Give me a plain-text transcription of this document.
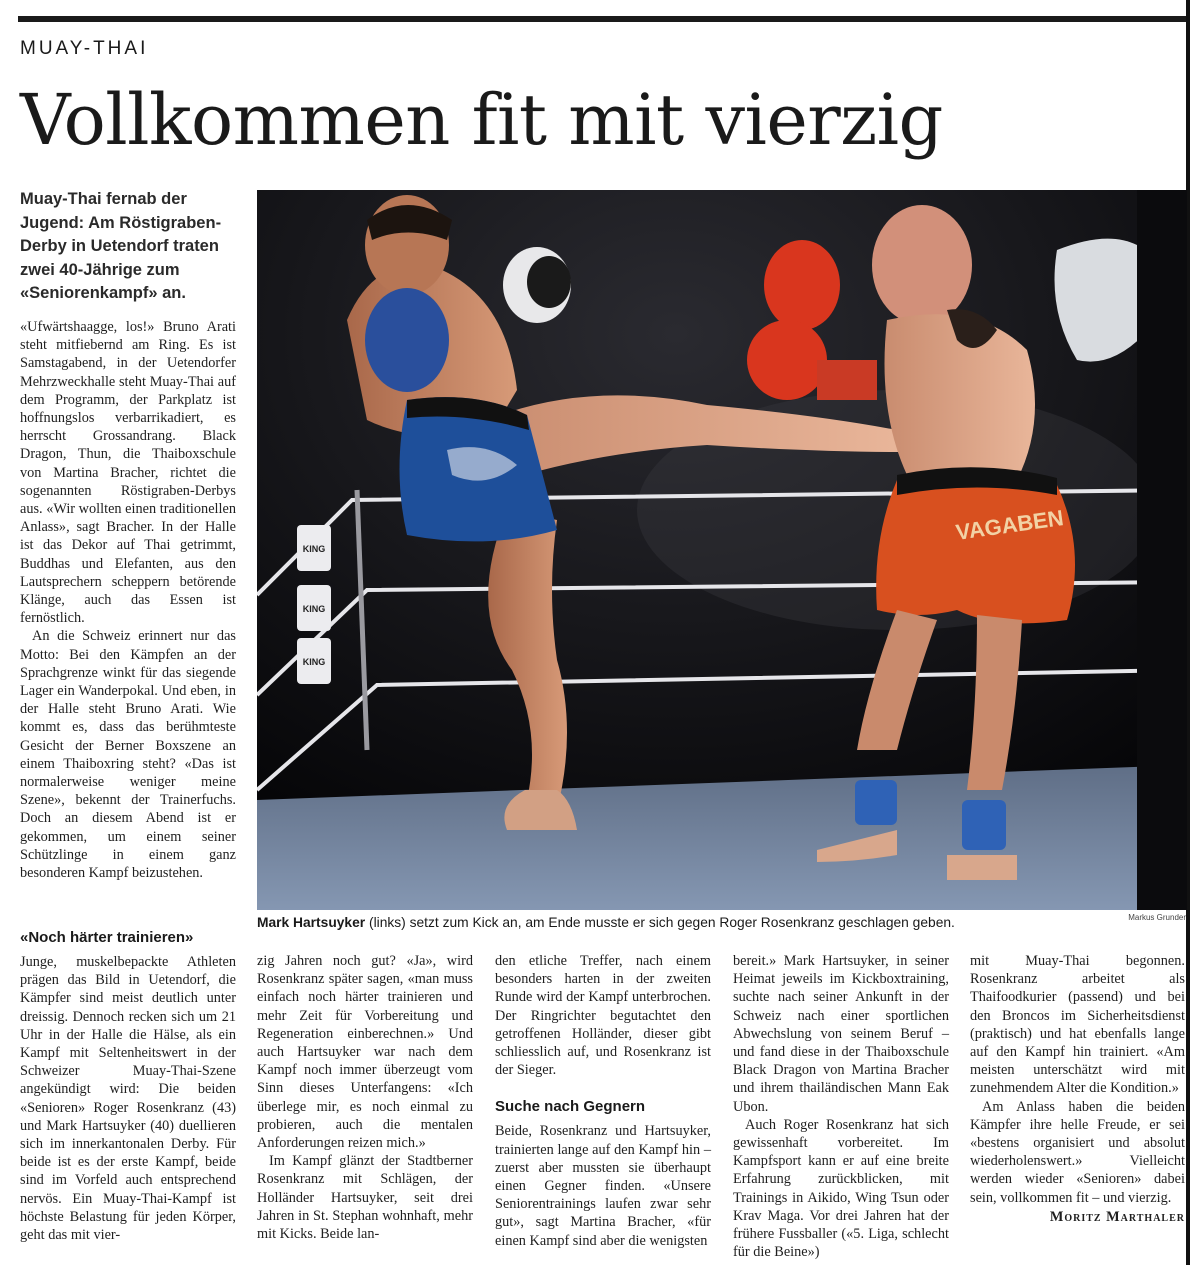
MUAY-THAI
Vollkommen fit mit vierzig
Muay-Thai fernab der Jugend: Am Röstigraben-Derby in Uetendorf traten zwei 40-Jährige zum «Seniorenkampf» an.

«Ufwärtshaagge, los!» Bruno Arati steht mitfiebernd am Ring. Es ist Samstagabend, in der Uetendorfer Mehrzweckhalle steht Muay-Thai auf dem Programm, der Parkplatz ist hoffnungslos verbarrikadiert, es herrscht Grossandrang. Black Dragon, Thun, die Thaiboxschule von Martina Bracher, richtet die sogenannten Röstigraben-Derbys aus. «Wir wollten einen traditionellen Anlass», sagt Bracher. In der Halle ist das Dekor auf Thai getrimmt, Buddhas und Elefanten, aus den Lautsprechern scheppern betörende Klänge, auch das Essen ist fernöstlich.

An die Schweiz erinnert nur das Motto: Bei den Kämpfen an der Sprachgrenze winkt für das siegende Lager ein Wanderpokal. Und eben, in der Halle steht Bruno Arati. Wie kommt es, dass das berühmteste Gesicht der Berner Boxszene an einem Thaiboxring steht? «Das ist normalerweise weniger meine Szene», bekennt der Trainerfuchs. Doch an diesem Abend ist er gekommen, um einem seiner Schützlinge in einem ganz besonderen Kampf beizustehen.

«Noch härter trainieren»

Junge, muskelbepackte Athleten prägen das Bild in Uetendorf, die Kämpfer sind meist deutlich unter dreissig. Dennoch recken sich um 21 Uhr in der Halle die Hälse, als ein Kampf mit Seltenheitswert in der Schweizer Muay-Thai-Szene angekündigt wird: Die beiden «Senioren» Roger Rosenkranz (43) und Mark Hartsuyker (40) duellieren sich im innerkantonalen Derby. Für beide ist es der erste Kampf, beide sind im Vorfeld auch entsprechend nervös. Ein Muay-Thai-Kampf ist höchste Belastung für jeden Körper, geht das mit vier-

KING
KING
KING
VAGABEN
Mark Hartsuyker (links) setzt zum Kick an, am Ende musste er sich gegen Roger Rosenkranz geschlagen geben.	Markus Grunder

zig Jahren noch gut? «Ja», wird Rosenkranz später sagen, «man muss einfach noch härter trainieren und mehr Zeit für Vorbereitung und Regeneration einberechnen.» Und auch Hartsuyker war nach dem Kampf noch immer überzeugt vom Sinn dieses Unterfangens: «Ich überlege mir, es noch einmal zu probieren, auch die mentalen Anforderungen reizen mich.»

Im Kampf glänzt der Stadtberner Rosenkranz mit Schlägen, der Holländer Hartsuyker, seit drei Jahren in St. Stephan wohnhaft, mehr mit Kicks. Beide lan-

den etliche Treffer, nach einem besonders harten in der zweiten Runde wird der Kampf unterbrochen. Der Ringrichter begutachtet den getroffenen Holländer, dieser gibt schliesslich auf, und Rosenkranz ist der Sieger.

Suche nach Gegnern

Beide, Rosenkranz und Hartsuyker, trainierten lange auf den Kampf hin – zuerst aber mussten sie überhaupt einen Gegner finden. «Unsere Seniorentrainings laufen zwar sehr gut», sagt Martina Bracher, «für einen Kampf sind aber die wenigsten

bereit.» Mark Hartsuyker, in seiner Heimat jeweils im Kickboxtraining, suchte nach seiner Ankunft in der Schweiz nach einer sportlichen Abwechslung von seinem Beruf – und fand diese in der Thaiboxschule Black Dragon von Martina Bracher und ihrem thailändischen Mann Eak Ubon.

Auch Roger Rosenkranz hat sich gewissenhaft vorbereitet. Im Kampfsport kann er auf eine breite Erfahrung zurückblicken, mit Trainings in Aikido, Wing Tsun oder Krav Maga. Vor drei Jahren hat der frühere Fussballer («5. Liga, schlecht für die Beine»)

mit Muay-Thai begonnen. Rosenkranz arbeitet als Thaifoodkurier (passend) und bei den Broncos im Sicherheitsdienst (praktisch) und hat ebenfalls lange auf den Kampf hin trainiert. «Am meisten unterschätzt wird mit zunehmendem Alter die Kondition.»

Am Anlass haben die beiden Kämpfer ihre helle Freude, er sei «bestens organisiert und absolut wiederholenswert.» Vielleicht werden wieder «Senioren» dabei sein, vollkommen fit – und vierzig.

Moritz Marthaler
